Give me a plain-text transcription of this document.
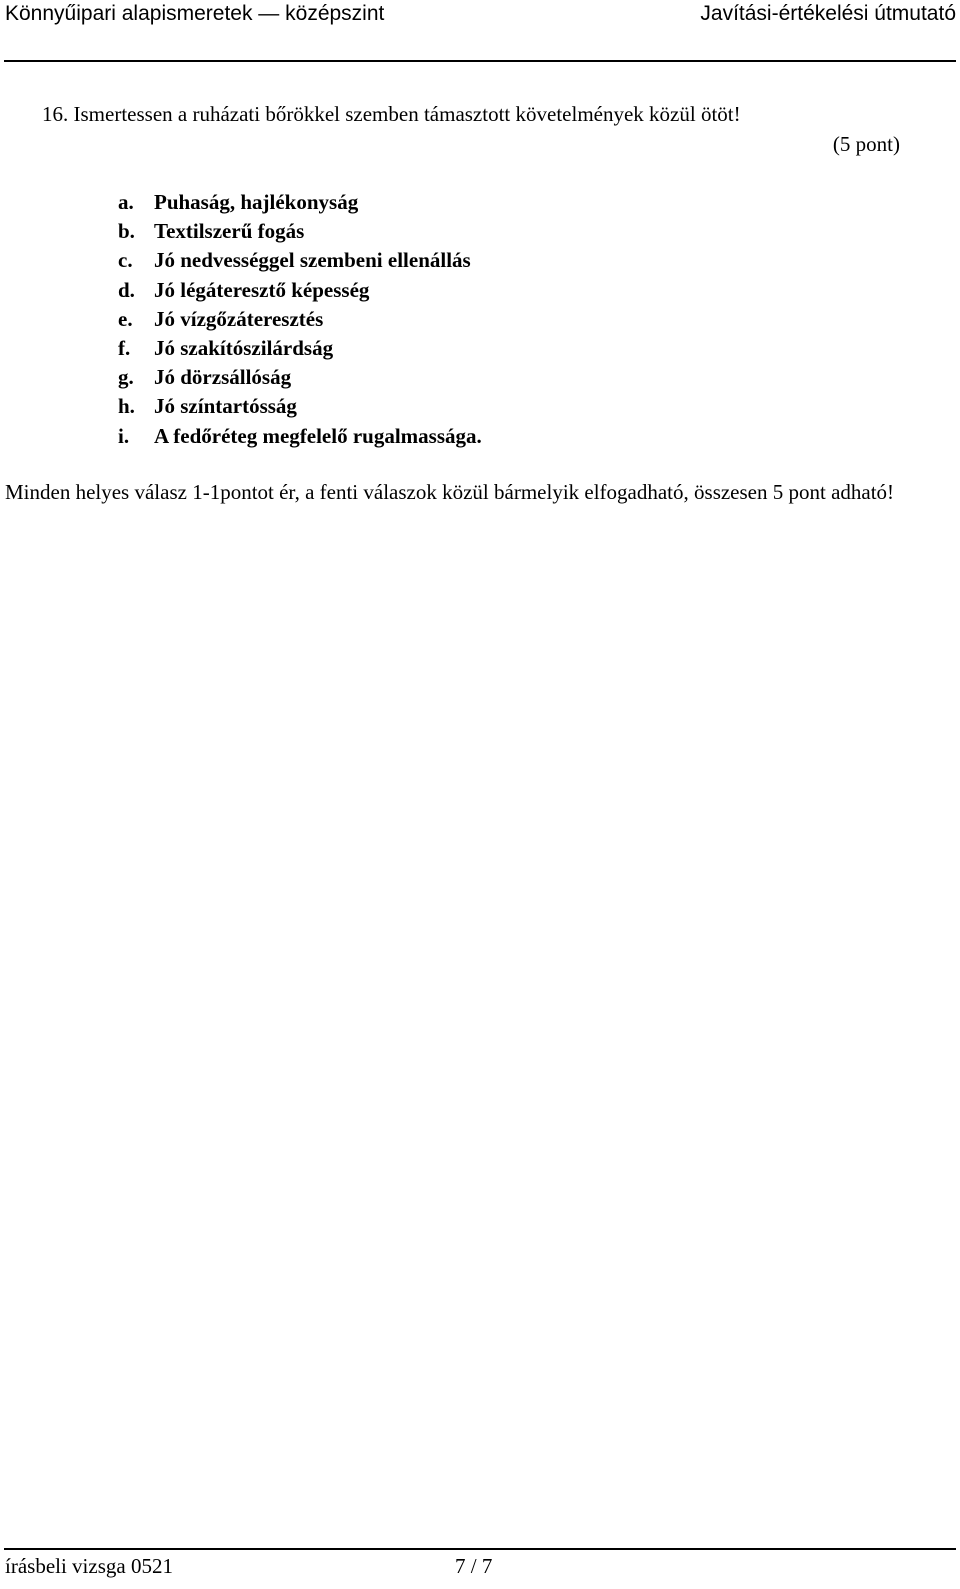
Könnyűipari alapismeretek — középszint	Javítási-értékelési útmutató
16. Ismertessen a ruházati bőrökkel szemben támasztott követelmények közül ötöt!
(5 pont)
a. Puhaság, hajlékonyság
b. Textilszerű fogás
c.	Jó nedvességgel szembeni ellenállás
d. Jó légáteresztő képesség
e.	Jó vízgőzáteresztés
f.	Jó szakítószilárdság
g. Jó dörzsállóság
h. Jó színtartósság
i.	A fedőréteg megfelelő rugalmassága.
Minden helyes válasz 1-1pontot ér, a fenti válaszok közül bármelyik elfogadható, összesen 5 pont adható!
írásbeli vizsga 0521	7 / 7
